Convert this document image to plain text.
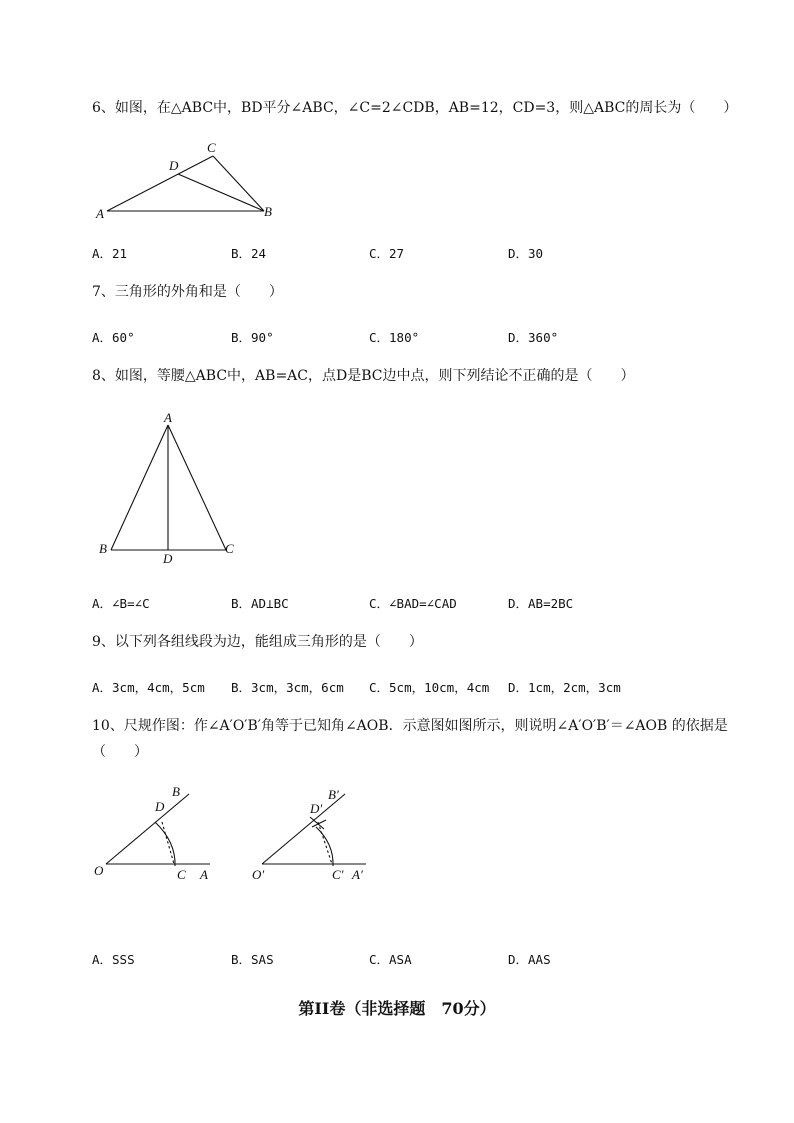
6、如图，在△ABC中，BD平分∠ABC，∠C=2∠CDB，AB=12，CD=3，则△ABC的周长为（　　）
A	B
C
D
A．21	B．24	C．27	D．30
7、三角形的外角和是（　　）
A．60°	B．90°	C．180°	D．360°
8、如图，等腰△ABC中，AB=AC，点D是BC边中点，则下列结论不正确的是（　　）
A
B	C
D
A．∠B=∠C	B．AD⊥BC	C．∠BAD=∠CAD	D．AB=2BC
9、以下列各组线段为边，能组成三角形的是（　　）
A．3cm，4cm，5cm B．3cm，3cm，6cm C．5cm，10cm，4cm D．1cm，2cm，3cm
10、尺规作图：作∠A′O′B′角等于已知角∠AOB．示意图如图所示，则说明∠A′O′B′＝∠AOB 的依据是
（　　）
O	C A
D
B
O′	C′ A′
D′
B′
A．SSS	B．SAS	C．ASA	D．AAS
第II卷（非选择题　70分）
